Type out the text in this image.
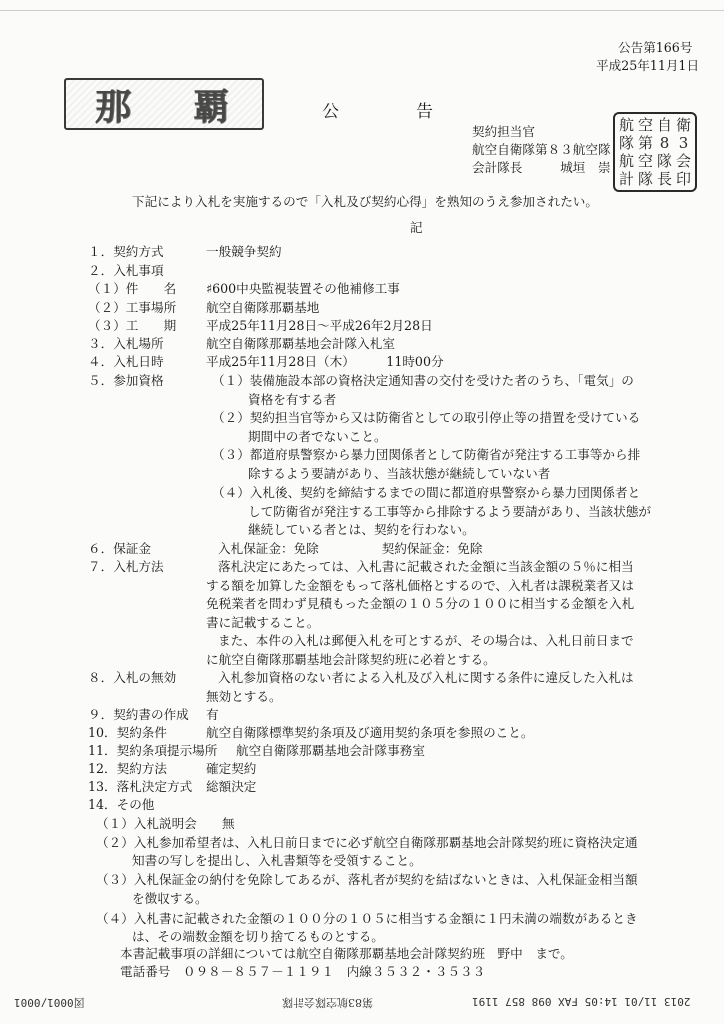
公告第166号
平成25年11月1日
那 覇	公　告
契約担当官
航空自衛隊第８３航空隊
会計隊長　　　城垣　崇
航 空 自 衛
隊 第 8 3
航 空 隊 会
計 隊 長 印
下記により入札を実施するので「入札及び契約心得」を熟知のうえ参加されたい。
記
１．契約方式	一般競争契約
２．入札事項
（１）件　　名 ♯600中央監視装置その他補修工事
（２）工事場所 航空自衛隊那覇基地
（３）工　　期 平成25年11月28日～平成26年2月28日
３．入札場所	航空自衛隊那覇基地会計隊入札室
４．入札日時	平成25年11月28日（木）　　　11時00分
５．参加資格	（１）装備施設本部の資格決定通知書の交付を受けた者のうち、「電気」の
資格を有する者
（２）契約担当官等から又は防衛省としての取引停止等の措置を受けている
期間中の者でないこと。
（３）都道府県警察から暴力団関係者として防衛省が発注する工事等から排
除するよう要請があり、当該状態が継続していない者
（４）入札後、契約を締結するまでの間に都道府県警察から暴力団関係者と
して防衛省が発注する工事等から排除するよう要請があり、当該状態が
継続している者とは、契約を行わない。
６．保証金	入札保証金：免除　　　　　契約保証金：免除
７．入札方法	落札決定にあたっては、入札書に記載された金額に当該金額の５％に相当
する額を加算した金額をもって落札価格とするので、入札者は課税業者又は
免税業者を問わず見積もった金額の１０５分の１００に相当する金額を入札
書に記載すること。
また、本件の入札は郵便入札を可とするが、その場合は、入札日前日まで
に航空自衛隊那覇基地会計隊契約班に必着とする。
８．入札の無効	入札参加資格のない者による入札及び入札に関する条件に違反した入札は
無効とする。
９．契約書の作成 有
10．契約条件	航空自衛隊標準契約条項及び適用契約条項を参照のこと。
11．契約条項提示場所 航空自衛隊那覇基地会計隊事務室
12．契約方法	確定契約
13．落札決定方式 総額決定
14．その他
（１）入札説明会　　無
（２）入札参加希望者は、入札日前日までに必ず航空自衛隊那覇基地会計隊契約班に資格決定通
知書の写しを提出し、入札書類等を受領すること。
（３）入札保証金の納付を免除してあるが、落札者が契約を結ばないときは、入札保証金相当額
を徴収する。
（４）入札書に記載された金額の１００分の１０５に相当する金額に１円未満の端数があるとき
は、その端数金額を切り捨てるものとする。
本書記載事項の詳細については航空自衛隊那覇基地会計隊契約班　野中　まで。
電話番号　０９８－８５７－１１９１　内線３５３２・３５３３
2013 11/01 14:05 FAX 098 857 1191
第83航空隊会計隊
図0001/0001
